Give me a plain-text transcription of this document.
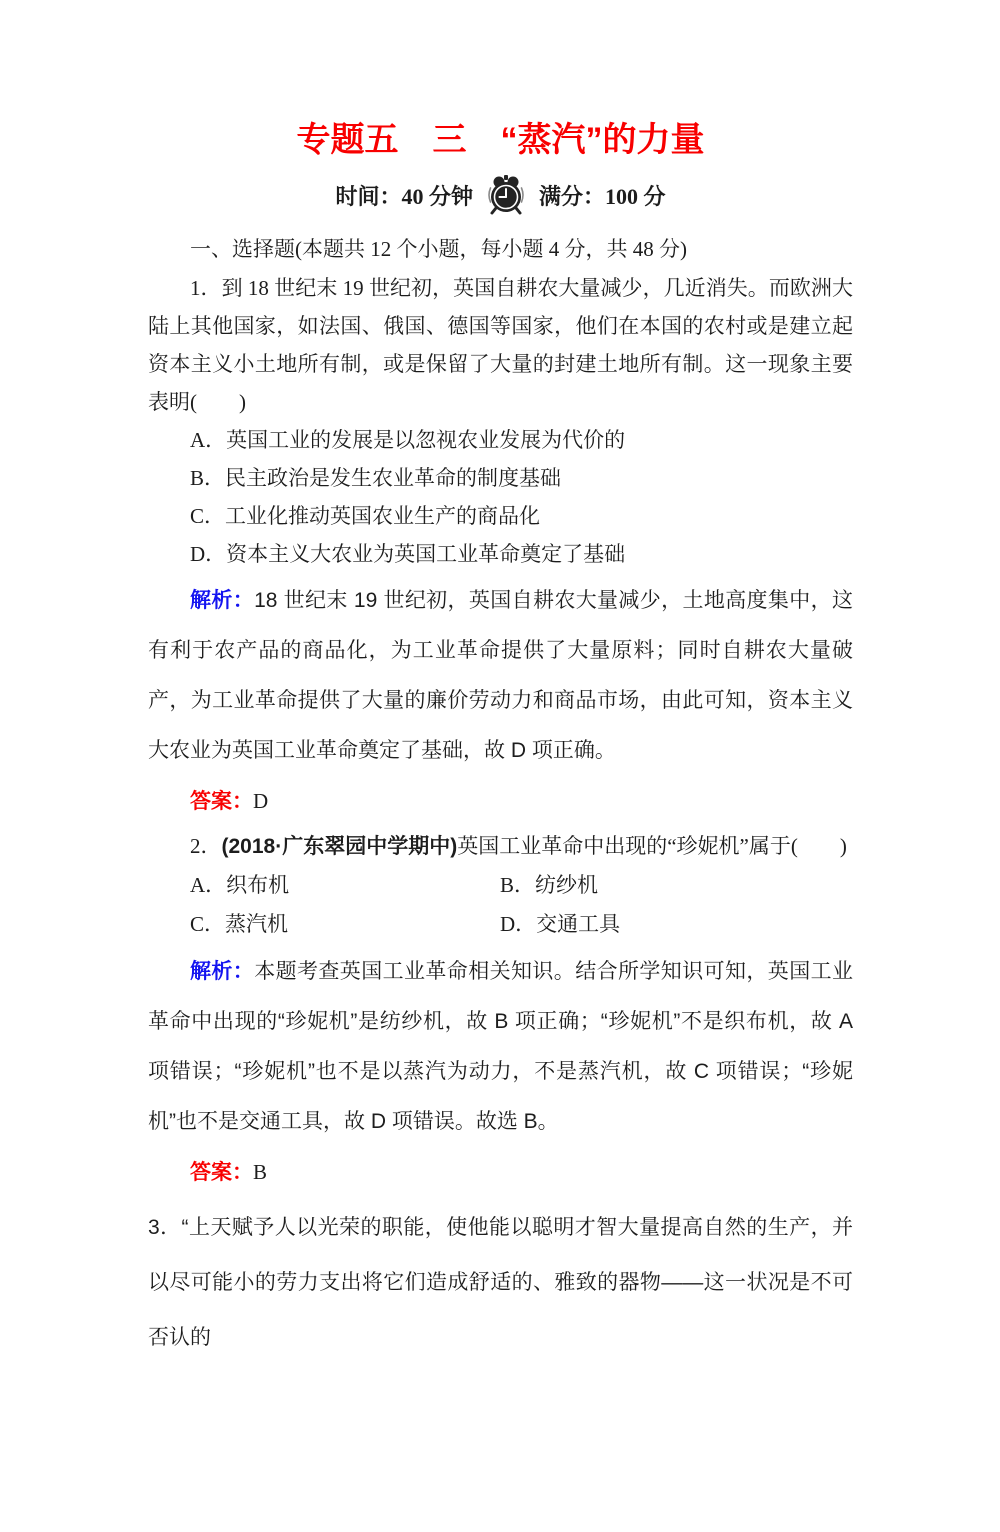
专题五　三　“蒸汽”的力量
时间：40 分钟	满分：100 分

一、选择题(本题共 12 个小题，每小题 4 分，共 48 分)

1．到 18 世纪末 19 世纪初，英国自耕农大量减少，几近消失。而欧洲大陆上其他国家，如法国、俄国、德国等国家，他们在本国的农村或是建立起资本主义小土地所有制，或是保留了大量的封建土地所有制。这一现象主要表明(　　)

A．英国工业的发展是以忽视农业发展为代价的

B．民主政治是发生农业革命的制度基础

C．工业化推动英国农业生产的商品化

D．资本主义大农业为英国工业革命奠定了基础

解析：18 世纪末 19 世纪初，英国自耕农大量减少，土地高度集中，这有利于农产品的商品化，为工业革命提供了大量原料；同时自耕农大量破产，为工业革命提供了大量的廉价劳动力和商品市场，由此可知，资本主义大农业为英国工业革命奠定了基础，故 D 项正确。

答案：D

2．(2018·广东翠园中学期中)英国工业革命中出现的“珍妮机”属于(　　)

A．织布机	B．纺纱机

C．蒸汽机	D．交通工具

解析：本题考查英国工业革命相关知识。结合所学知识可知，英国工业革命中出现的“珍妮机”是纺纱机，故 B 项正确；“珍妮机”不是织布机，故 A 项错误；“珍妮机”也不是以蒸汽为动力，不是蒸汽机，故 C 项错误；“珍妮机”也不是交通工具，故 D 项错误。故选 B。

答案：B

3．“上天赋予人以光荣的职能，使他能以聪明才智大量提高自然的生产，并以尽可能小的劳力支出将它们造成舒适的、雅致的器物——这一状况是不可否认的
